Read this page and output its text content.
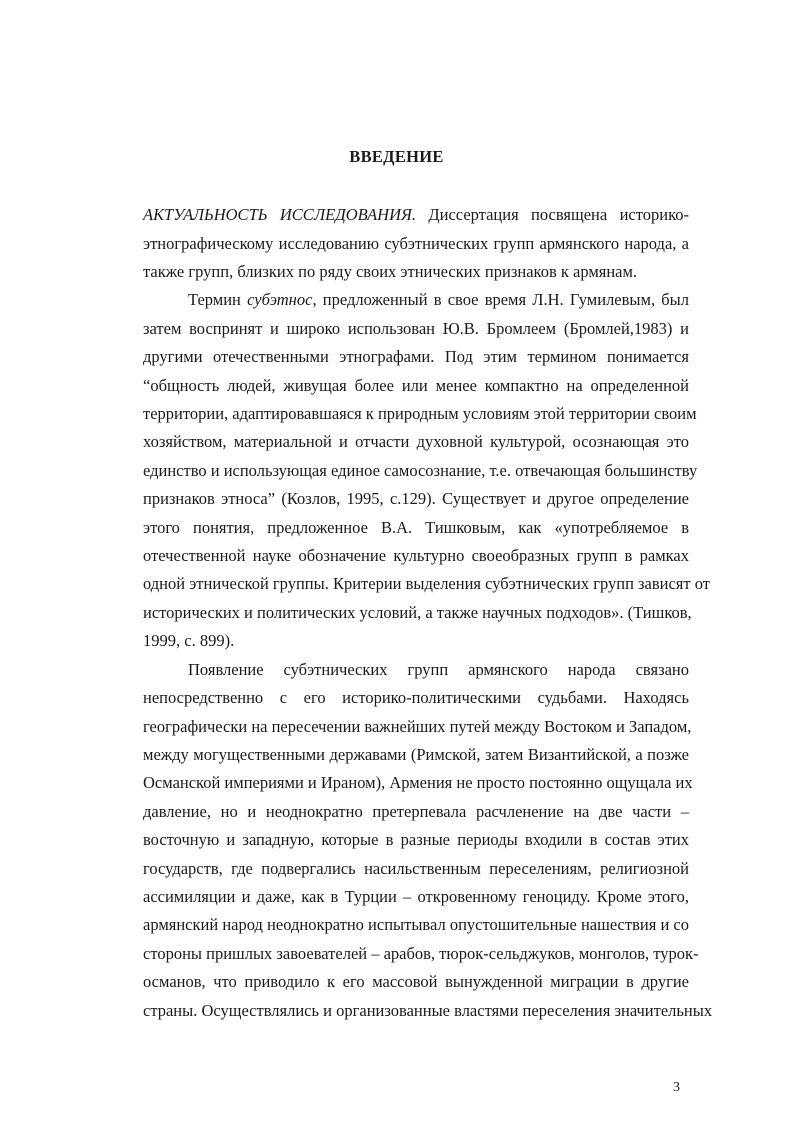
ВВЕДЕНИЕ
АКТУАЛЬНОСТЬ ИССЛЕДОВАНИЯ. Диссертация посвящена историко-
этнографическому исследованию субэтнических групп армянского народа, а
также групп, близких по ряду своих этнических признаков к армянам.
Термин субэтнос, предложенный в свое время Л.Н. Гумилевым, был
затем воспринят и широко использован Ю.В. Бромлеем (Бромлей,1983) и
другими отечественными этнографами. Под этим термином понимается
“общность людей, живущая более или менее компактно на определенной
территории, адаптировавшаяся к природным условиям этой территории своим
хозяйством, материальной и отчасти духовной культурой, осознающая это
единство и использующая единое самосознание, т.е. отвечающая большинству
признаков этноса” (Козлов, 1995, с.129). Существует и другое определение
этого понятия, предложенное В.А. Тишковым, как «употребляемое в
отечественной науке обозначение культурно своеобразных групп в рамках
одной этнической группы. Критерии выделения субэтнических групп зависят от
исторических и политических условий, а также научных подходов». (Тишков,
1999, с. 899).
Появление субэтнических групп армянского народа связано
непосредственно с его историко-политическими судьбами. Находясь
географически на пересечении важнейших путей между Востоком и Западом,
между могущественными державами (Римской, затем Византийской, а позже
Османской империями и Ираном), Армения не просто постоянно ощущала их
давление, но и неоднократно претерпевала расчленение на две части –
восточную и западную, которые в разные периоды входили в состав этих
государств, где подвергались насильственным переселениям, религиозной
ассимиляции и даже, как в Турции – откровенному геноциду. Кроме этого,
армянский народ неоднократно испытывал опустошительные нашествия и со
стороны пришлых завоевателей – арабов, тюрок-сельджуков, монголов, турок-
османов, что приводило к его массовой вынужденной миграции в другие
страны. Осуществлялись и организованные властями переселения значительных
3
